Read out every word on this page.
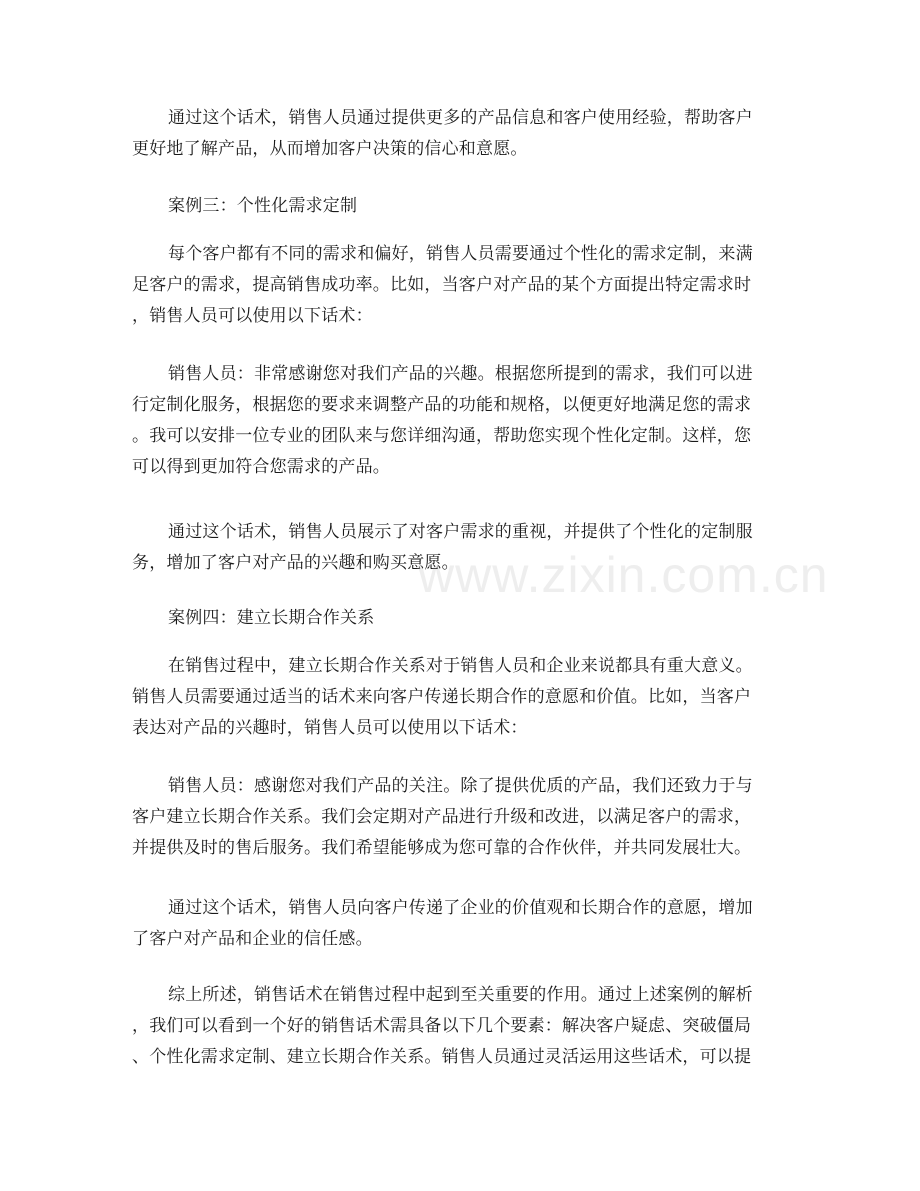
通过这个话术，销售人员通过提供更多的产品信息和客户使用经验，帮助客户
更好地了解产品，从而增加客户决策的信心和意愿。
案例三：个性化需求定制
每个客户都有不同的需求和偏好，销售人员需要通过个性化的需求定制，来满
足客户的需求，提高销售成功率。比如，当客户对产品的某个方面提出特定需求时
，销售人员可以使用以下话术：
销售人员：非常感谢您对我们产品的兴趣。根据您所提到的需求，我们可以进
行定制化服务，根据您的要求来调整产品的功能和规格，以便更好地满足您的需求
。我可以安排一位专业的团队来与您详细沟通，帮助您实现个性化定制。这样，您
可以得到更加符合您需求的产品。
通过这个话术，销售人员展示了对客户需求的重视，并提供了个性化的定制服
务，增加了客户对产品的兴趣和购买意愿。
案例四：建立长期合作关系
在销售过程中，建立长期合作关系对于销售人员和企业来说都具有重大意义。
销售人员需要通过适当的话术来向客户传递长期合作的意愿和价值。比如，当客户
表达对产品的兴趣时，销售人员可以使用以下话术：
销售人员：感谢您对我们产品的关注。除了提供优质的产品，我们还致力于与
客户建立长期合作关系。我们会定期对产品进行升级和改进，以满足客户的需求，
并提供及时的售后服务。我们希望能够成为您可靠的合作伙伴，并共同发展壮大。
通过这个话术，销售人员向客户传递了企业的价值观和长期合作的意愿，增加
了客户对产品和企业的信任感。
综上所述，销售话术在销售过程中起到至关重要的作用。通过上述案例的解析
，我们可以看到一个好的销售话术需具备以下几个要素：解决客户疑虑、突破僵局
、个性化需求定制、建立长期合作关系。销售人员通过灵活运用这些话术，可以提
www.zixin.com.cn
